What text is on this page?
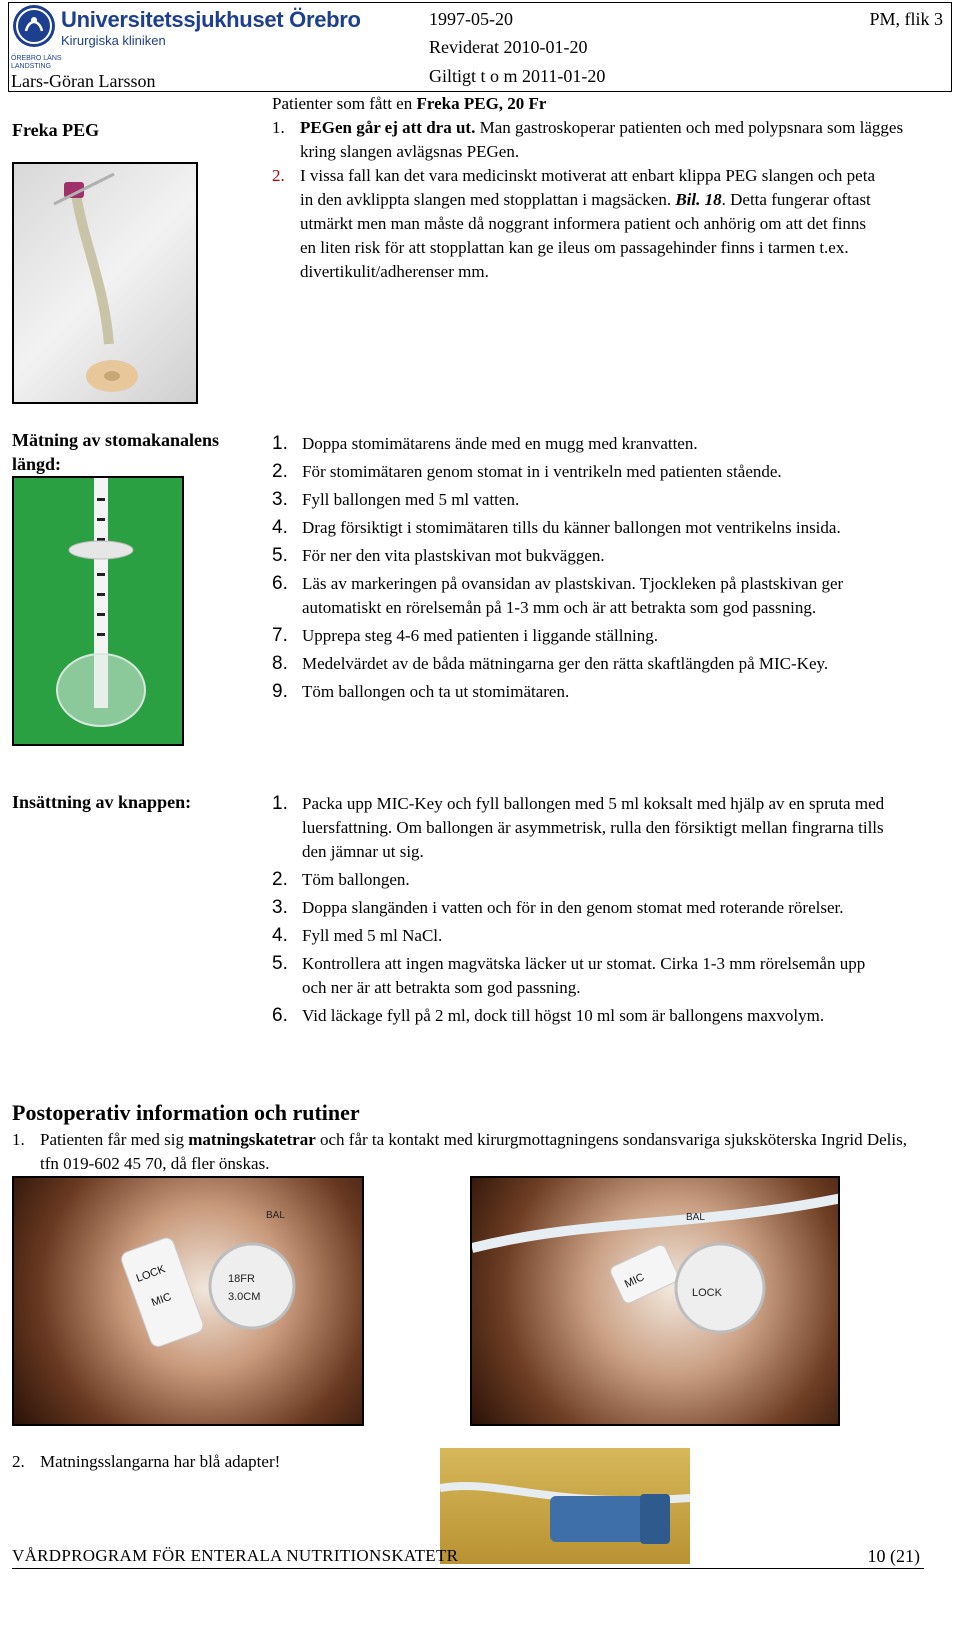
ÖREBRO LÄNS
LANDSTING
Universitetssjukhuset Örebro
Kirurgiska kliniken
Lars-Göran Larsson
1997-05-20
Reviderat 2010-01-20
Giltigt t o m 2011-01-20
PM, flik 3
Freka PEG
Patienter som fått en Freka PEG, 20 Fr
1. PEGen går ej att dra ut. Man gastroskoperar patienten och med polypsnara som lägges kring slangen avlägsnas PEGen.
2. I vissa fall kan det vara medicinskt motiverat att enbart klippa PEG slangen och peta in den avklippta slangen med stopplattan i magsäcken. Bil. 18. Detta fungerar oftast utmärkt men man måste då noggrant informera patient och anhörig om att det finns en liten risk för att stopplattan kan ge ileus om passagehinder finns i tarmen t.ex. divertikulit/adherenser mm.
Mätning av stomakanalens längd:
1. Doppa stomimätarens ände med en mugg med kranvatten.
2. För stomimätaren genom stomat in i ventrikeln med patienten stående.
3. Fyll ballongen med 5 ml vatten.
4. Drag försiktigt i stomimätaren tills du känner ballongen mot ventrikelns insida.
5. För ner den vita plastskivan mot bukväggen.
6. Läs av markeringen på ovansidan av plastskivan. Tjockleken på plastskivan ger automatiskt en rörelsemån på 1-3 mm och är att betrakta som god passning.
7. Upprepa steg 4-6 med patienten i liggande ställning.
8. Medelvärdet av de båda mätningarna ger den rätta skaftlängden på MIC-Key.
9. Töm ballongen och ta ut stomimätaren.
Insättning av knappen:	1. Packa upp MIC-Key och fyll ballongen med 5 ml koksalt med hjälp av en spruta med luersfattning. Om ballongen är asymmetrisk, rulla den försiktigt mellan fingrarna tills den jämnar ut sig.
2. Töm ballongen.
3. Doppa slangänden i vatten och för in den genom stomat med roterande rörelser.
4. Fyll med 5 ml NaCl.
5. Kontrollera att ingen magvätska läcker ut ur stomat. Cirka 1-3 mm rörelsemån upp och ner är att betrakta som god passning.
6. Vid läckage fyll på 2 ml, dock till högst 10 ml som är ballongens maxvolym.
Postoperativ information och rutiner
1. Patienten får med sig matningskatetrar och får ta kontakt med kirurgmottagningens sondansvariga sjuksköterska Ingrid Delis, tfn 019-602 45 70, då fler önskas.
LOCK
MIC
18FR
3.0CM
BAL
MIC
LOCK
BAL
2. Matningsslangarna har blå adapter!
VÅRDPROGRAM FÖR ENTERALA NUTRITIONSKATETR	10 (21)
